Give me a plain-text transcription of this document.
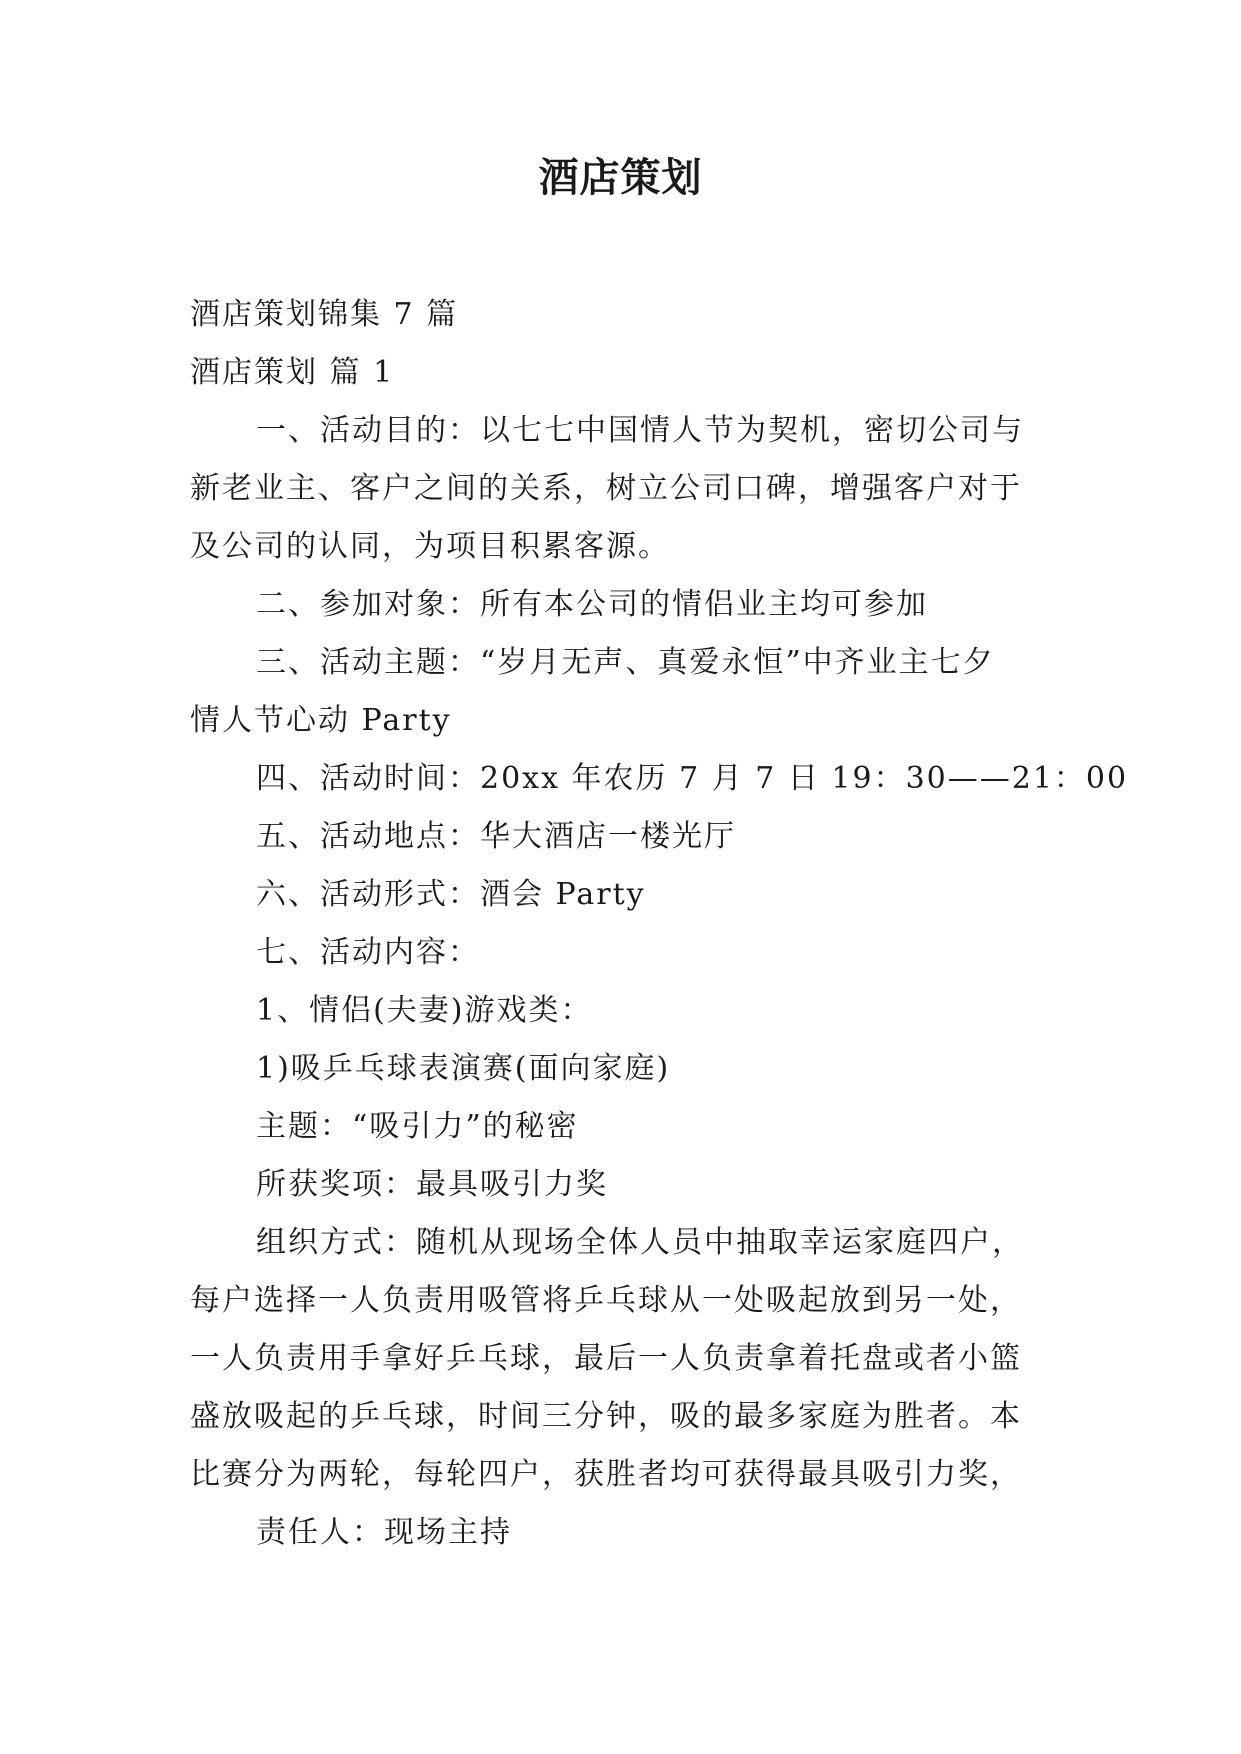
酒店策划

酒店策划锦集 7 篇

酒店策划 篇 1

一、活动目的：以七七中国情人节为契机，密切公司与

新老业主、客户之间的关系，树立公司口碑，增强客户对于

及公司的认同，为项目积累客源。

二、参加对象：所有本公司的情侣业主均可参加

三、活动主题：“岁月无声、真爱永恒”中齐业主七夕

情人节心动 Party

四、活动时间：20xx 年农历 7 月 7 日 19：30——21：00

五、活动地点：华大酒店一楼光厅

六、活动形式：酒会 Party

七、活动内容：

1、情侣(夫妻)游戏类：

1)吸乒乓球表演赛(面向家庭)

主题：“吸引力”的秘密

所获奖项：最具吸引力奖

组织方式：随机从现场全体人员中抽取幸运家庭四户，

每户选择一人负责用吸管将乒乓球从一处吸起放到另一处，

一人负责用手拿好乒乓球，最后一人负责拿着托盘或者小篮

盛放吸起的乒乓球，时间三分钟，吸的最多家庭为胜者。本

比赛分为两轮，每轮四户，获胜者均可获得最具吸引力奖，

责任人：现场主持
